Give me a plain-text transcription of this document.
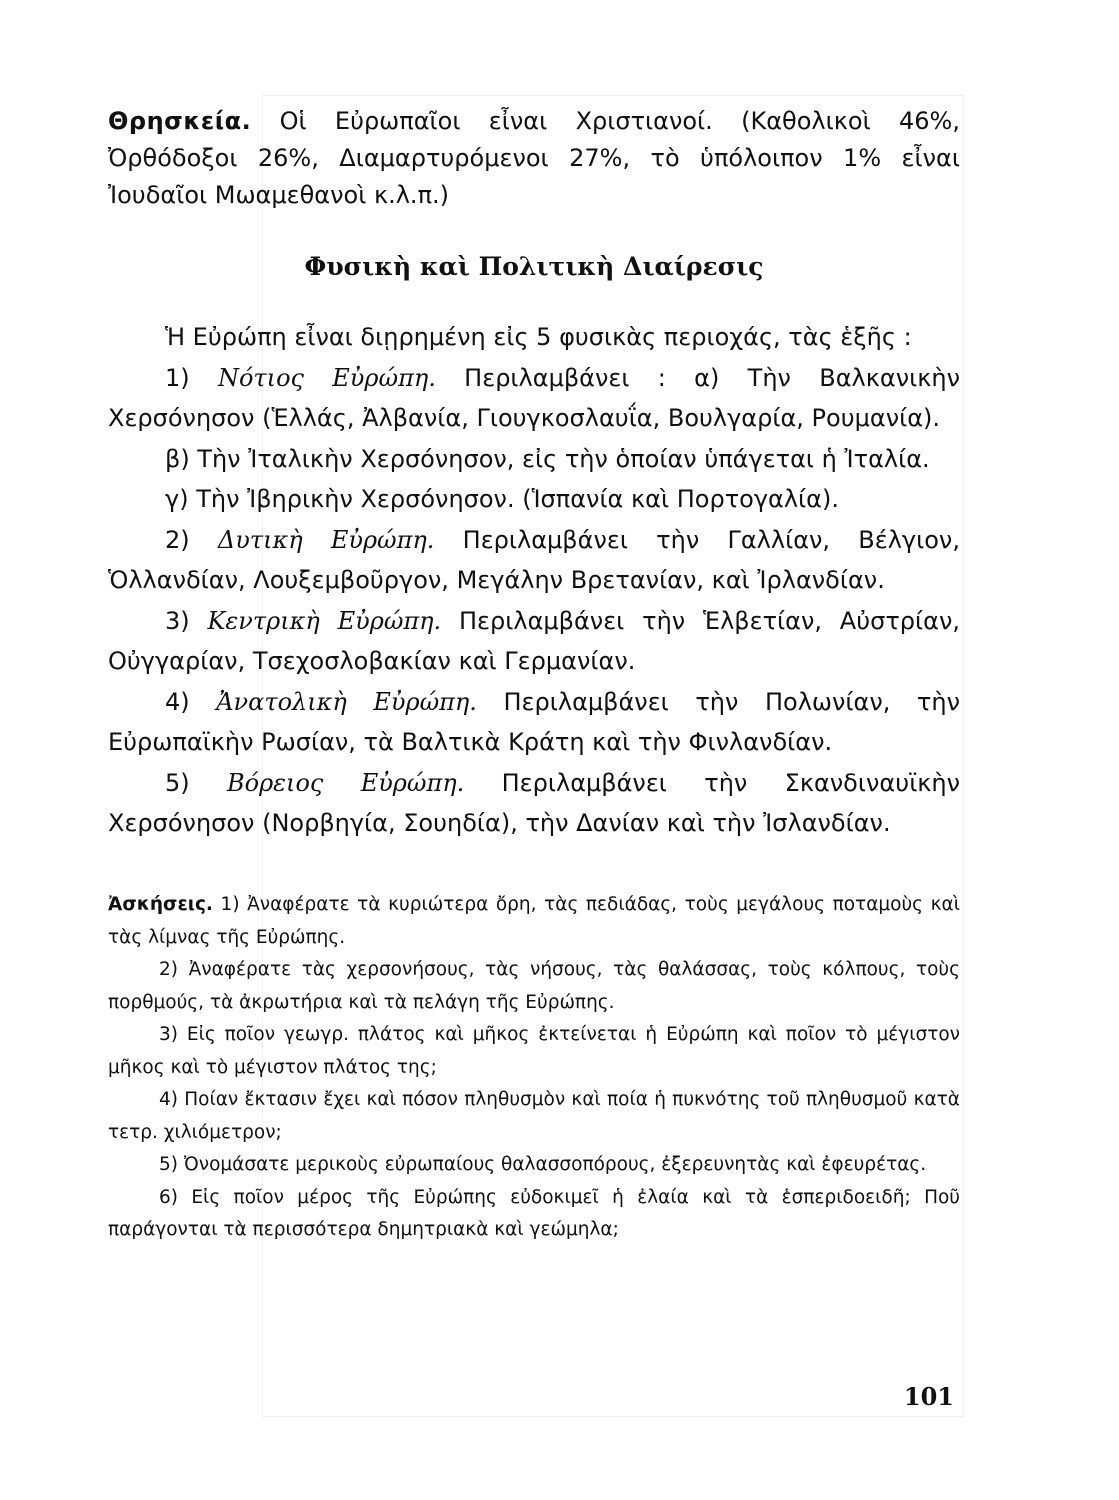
Θρησκεία. Οἱ Εὐρωπαῖοι εἶναι Χριστιανοί. (Καθολικοὶ 46%, Ὀρθόδοξοι 26%, Διαμαρτυρόμενοι 27%, τὸ ὑπόλοιπον 1% εἶναι Ἰουδαῖοι Μωαμεθανοὶ κ.λ.π.)
Φυσικὴ καὶ Πολιτικὴ Διαίρεσις

Ἡ Εὐρώπη εἶναι διῃρημένη εἰς 5 φυσικὰς περιοχάς, τὰς ἑξῆς :

1) Νότιος Εὐρώπη. Περιλαμβάνει : α) Τὴν Βαλκανικὴν Χερσόνησον (Ἑλλάς, Ἀλβανία, Γιουγκοσλαυΐα, Βουλγαρία, Ρουμανία).

β) Τὴν Ἰταλικὴν Χερσόνησον, εἰς τὴν ὁποίαν ὑπάγεται ἡ Ἰταλία.

γ) Τὴν Ἰβηρικὴν Χερσόνησον. (Ἱσπανία καὶ Πορτογαλία).

2) Δυτικὴ Εὐρώπη. Περιλαμβάνει τὴν Γαλλίαν, Βέλγιον, Ὁλλανδίαν, Λουξεμβοῦργον, Μεγάλην Βρετανίαν, καὶ Ἰρλανδίαν.

3) Κεντρικὴ Εὐρώπη. Περιλαμβάνει τὴν Ἑλβετίαν, Αὐστρίαν, Οὐγγαρίαν, Τσεχοσλοβακίαν καὶ Γερμανίαν.

4) Ἀνατολικὴ Εὐρώπη. Περιλαμβάνει τὴν Πολωνίαν, τὴν Εὐρωπαϊκὴν Ρωσίαν, τὰ Βαλτικὰ Κράτη καὶ τὴν Φινλανδίαν.

5) Βόρειος Εὐρώπη. Περιλαμβάνει τὴν Σκανδιναυϊκὴν Χερσόνησον (Νορβηγία, Σουηδία), τὴν Δανίαν καὶ τὴν Ἰσλανδίαν.

Ἀσκήσεις. 1) Ἀναφέρατε τὰ κυριώτερα ὄρη, τὰς πεδιάδας, τοὺς μεγάλους ποταμοὺς καὶ τὰς λίμνας τῆς Εὐρώπης.

2) Ἀναφέρατε τὰς χερσονήσους, τὰς νήσους, τὰς θαλάσσας, τοὺς κόλπους, τοὺς πορθμούς, τὰ ἀκρωτήρια καὶ τὰ πελάγη τῆς Εὐρώπης.

3) Εἰς ποῖον γεωγρ. πλάτος καὶ μῆκος ἐκτείνεται ἡ Εὐρώπη καὶ ποῖον τὸ μέγιστον μῆκος καὶ τὸ μέγιστον πλάτος της;

4) Ποίαν ἔκτασιν ἔχει καὶ πόσον πληθυσμὸν καὶ ποία ἡ πυκνότης τοῦ πληθυσμοῦ κατὰ τετρ. χιλιόμετρον;

5) Ὀνομάσατε μερικοὺς εὐρωπαίους θαλασσοπόρους, ἐξερευνητὰς καὶ ἐφευρέτας.

6) Εἰς ποῖον μέρος τῆς Εὐρώπης εὐδοκιμεῖ ἡ ἐλαία καὶ τὰ ἑσπεριδοειδῆ; Ποῦ παράγονται τὰ περισσότερα δημητριακὰ καὶ γεώμηλα;

101
